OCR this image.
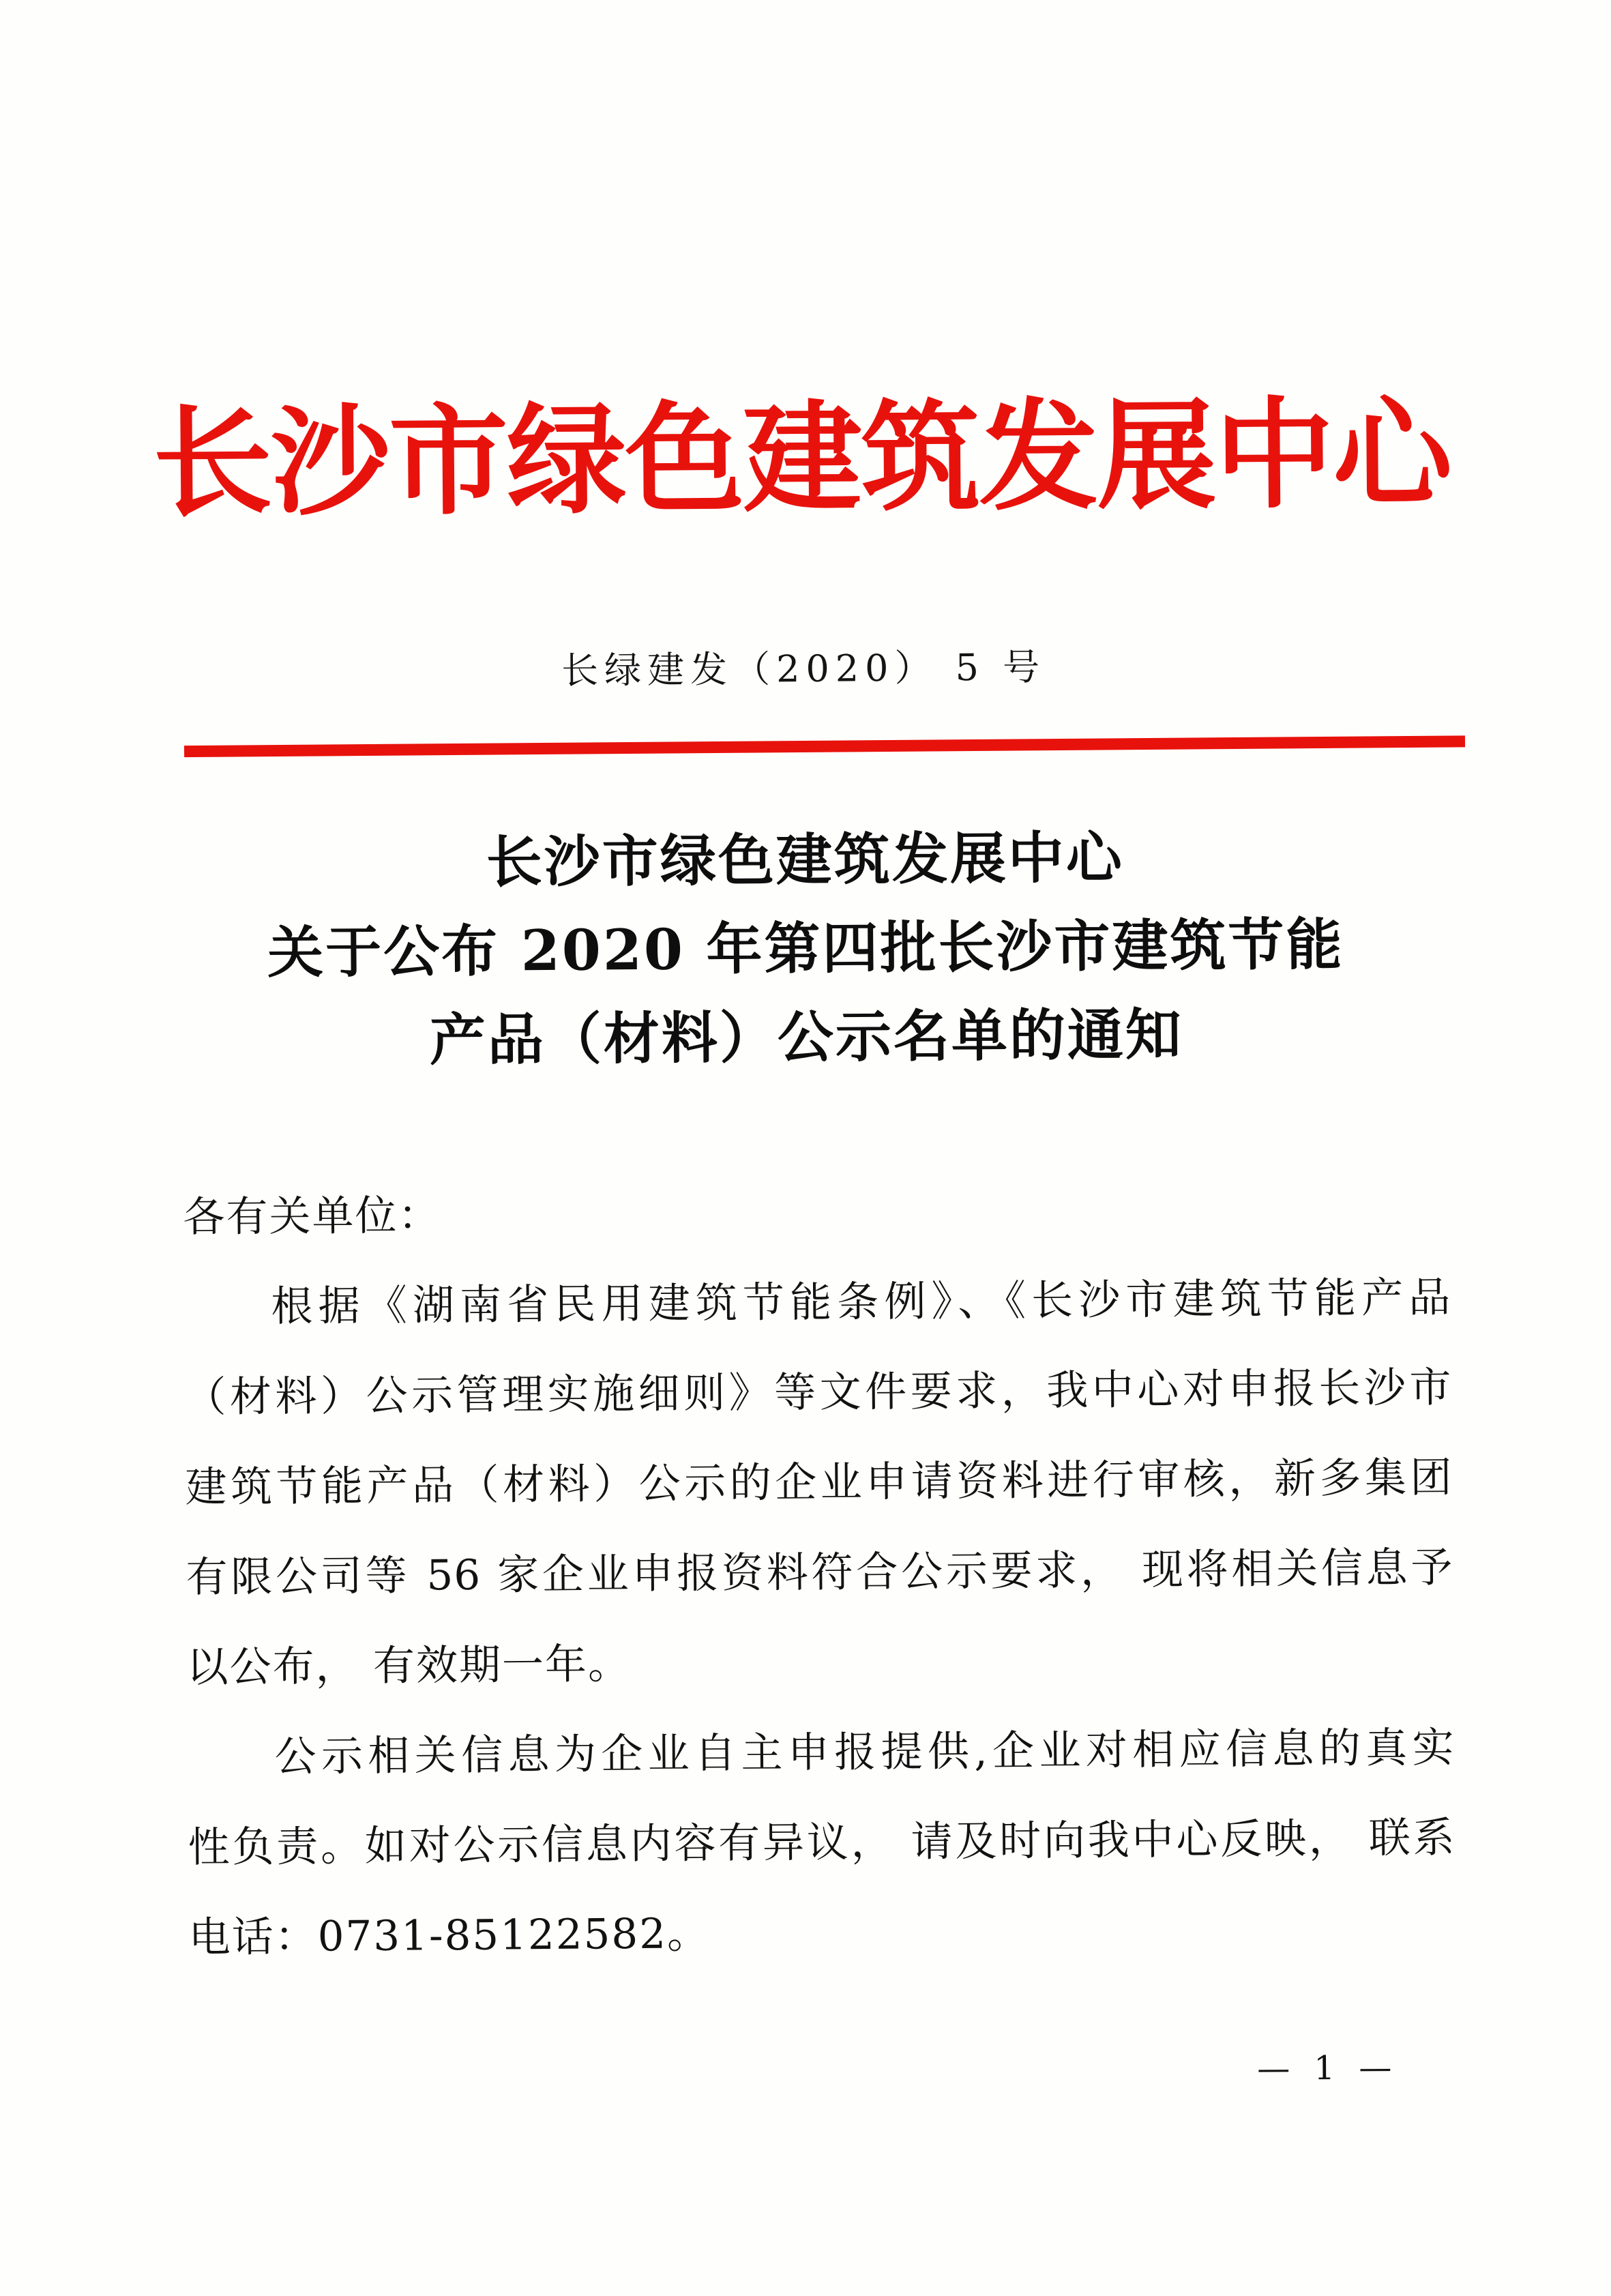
长沙市绿色建筑发展中心
长绿建发（2020） 5 号
长沙市绿色建筑发展中心
关于公布 2020 年第四批长沙市建筑节能
产品（材料）公示名单的通知
各有关单位：
根据《湖南省民用建筑节能条例》、《长沙市建筑节能产品
（材料）公示管理实施细则》等文件要求，我中心对申报长沙市
建筑节能产品（材料）公示的企业申请资料进行审核，新多集团
有限公司等 56 家企业申报资料符合公示要求， 现将相关信息予
以公布， 有效期一年。
公示相关信息为企业自主申报提供,企业对相应信息的真实
性负责。如对公示信息内容有异议， 请及时向我中心反映， 联系
电话：0731-85122582。
— 1 —
